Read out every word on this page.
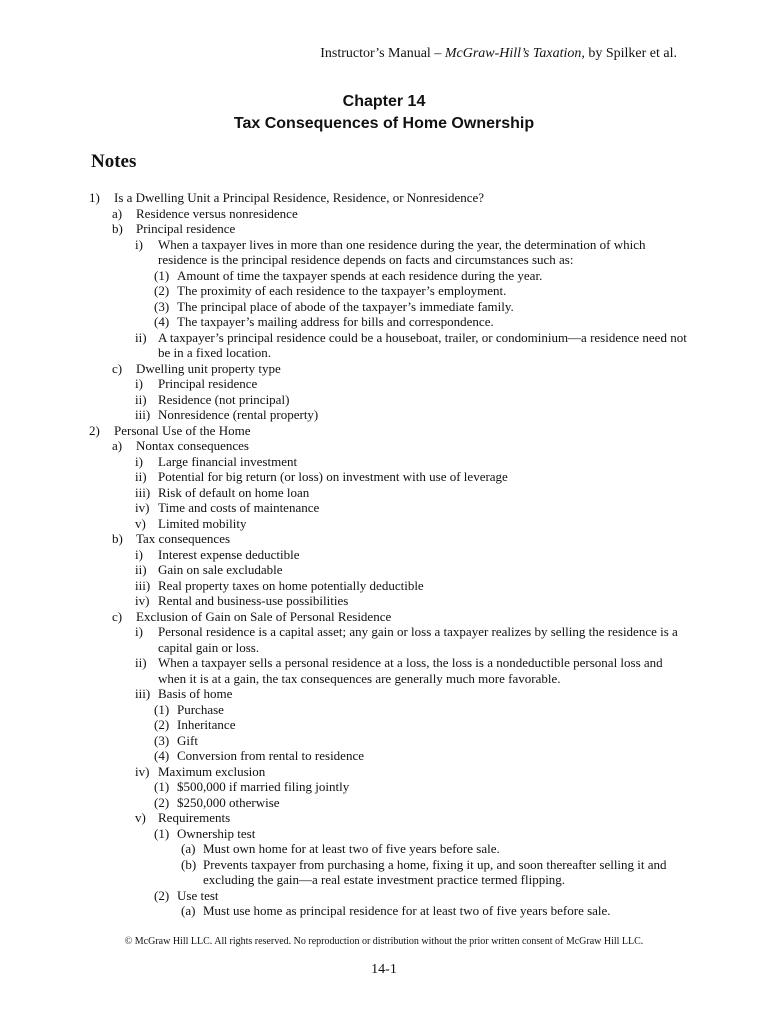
Instructor’s Manual – McGraw-Hill’s Taxation, by Spilker et al.
Chapter 14
Tax Consequences of Home Ownership
Notes
1) Is a Dwelling Unit a Principal Residence, Residence, or Nonresidence?
a) Residence versus nonresidence
b) Principal residence
i) When a taxpayer lives in more than one residence during the year, the determination of which residence is the principal residence depends on facts and circumstances such as:
(1) Amount of time the taxpayer spends at each residence during the year.
(2) The proximity of each residence to the taxpayer’s employment.
(3) The principal place of abode of the taxpayer’s immediate family.
(4) The taxpayer’s mailing address for bills and correspondence.
ii) A taxpayer’s principal residence could be a houseboat, trailer, or condominium—a residence need not be in a fixed location.
c) Dwelling unit property type
i) Principal residence
ii) Residence (not principal)
iii) Nonresidence (rental property)
2) Personal Use of the Home
a) Nontax consequences
i) Large financial investment
ii) Potential for big return (or loss) on investment with use of leverage
iii) Risk of default on home loan
iv) Time and costs of maintenance
v) Limited mobility
b) Tax consequences
i) Interest expense deductible
ii) Gain on sale excludable
iii) Real property taxes on home potentially deductible
iv) Rental and business-use possibilities
c) Exclusion of Gain on Sale of Personal Residence
i) Personal residence is a capital asset; any gain or loss a taxpayer realizes by selling the residence is a capital gain or loss.
ii) When a taxpayer sells a personal residence at a loss, the loss is a nondeductible personal loss and when it is at a gain, the tax consequences are generally much more favorable.
iii) Basis of home
(1) Purchase
(2) Inheritance
(3) Gift
(4) Conversion from rental to residence
iv) Maximum exclusion
(1) $500,000 if married filing jointly
(2) $250,000 otherwise
v) Requirements
(1) Ownership test
(a) Must own home for at least two of five years before sale.
(b) Prevents taxpayer from purchasing a home, fixing it up, and soon thereafter selling it and excluding the gain—a real estate investment practice termed flipping.
(2) Use test
(a) Must use home as principal residence for at least two of five years before sale.
© McGraw Hill LLC. All rights reserved. No reproduction or distribution without the prior written consent of McGraw Hill LLC.
14-1
